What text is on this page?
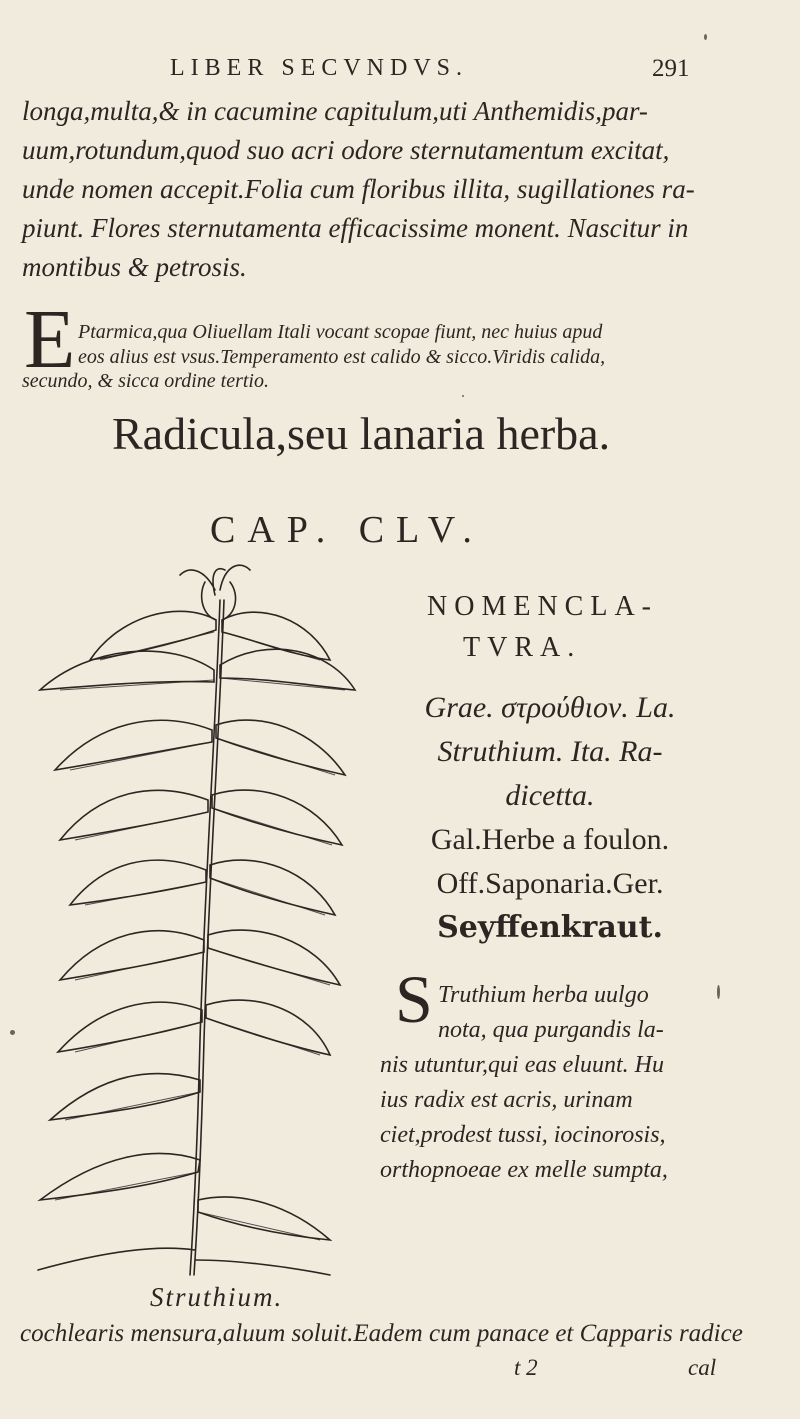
LIBER SECVNDVS.	291
longa,multa,& in cacumine capitulum,uti Anthemidis,par-
uum,rotundum,quod suo acri odore sternutamentum excitat,
unde nomen accepit.Folia cum floribus illita, sugillationes ra-
piunt. Flores sternutamenta efficacissime monent. Nascitur in
montibus & petrosis.
E Ptarmica,qua Oliuellam Itali vocant scopae fiunt, nec huius apud
eos alius est vsus.Temperamento est calido & sicco.Viridis calida,
secundo, & sicca ordine tertio.
Radicula,seu lanaria herba.
CAP. CLV.
NOMENCLA-
TVRA.
Grae. στρούθιον. La.
Struthium. Ita. Ra-
dicetta.
Gal.Herbe a foulon.
Off.Saponaria.Ger.
Seyffenkraut.
S Truthium herba uulgo
nota, qua purgandis la-
nis utuntur,qui eas eluunt. Hu
ius radix est acris, urinam
ciet,prodest tussi, iocinorosis,
orthopnoeae ex melle sumpta,
Struthium.
cochlearis mensura,aluum soluit.Eadem cum panace et Capparis radice
t 2	cal
